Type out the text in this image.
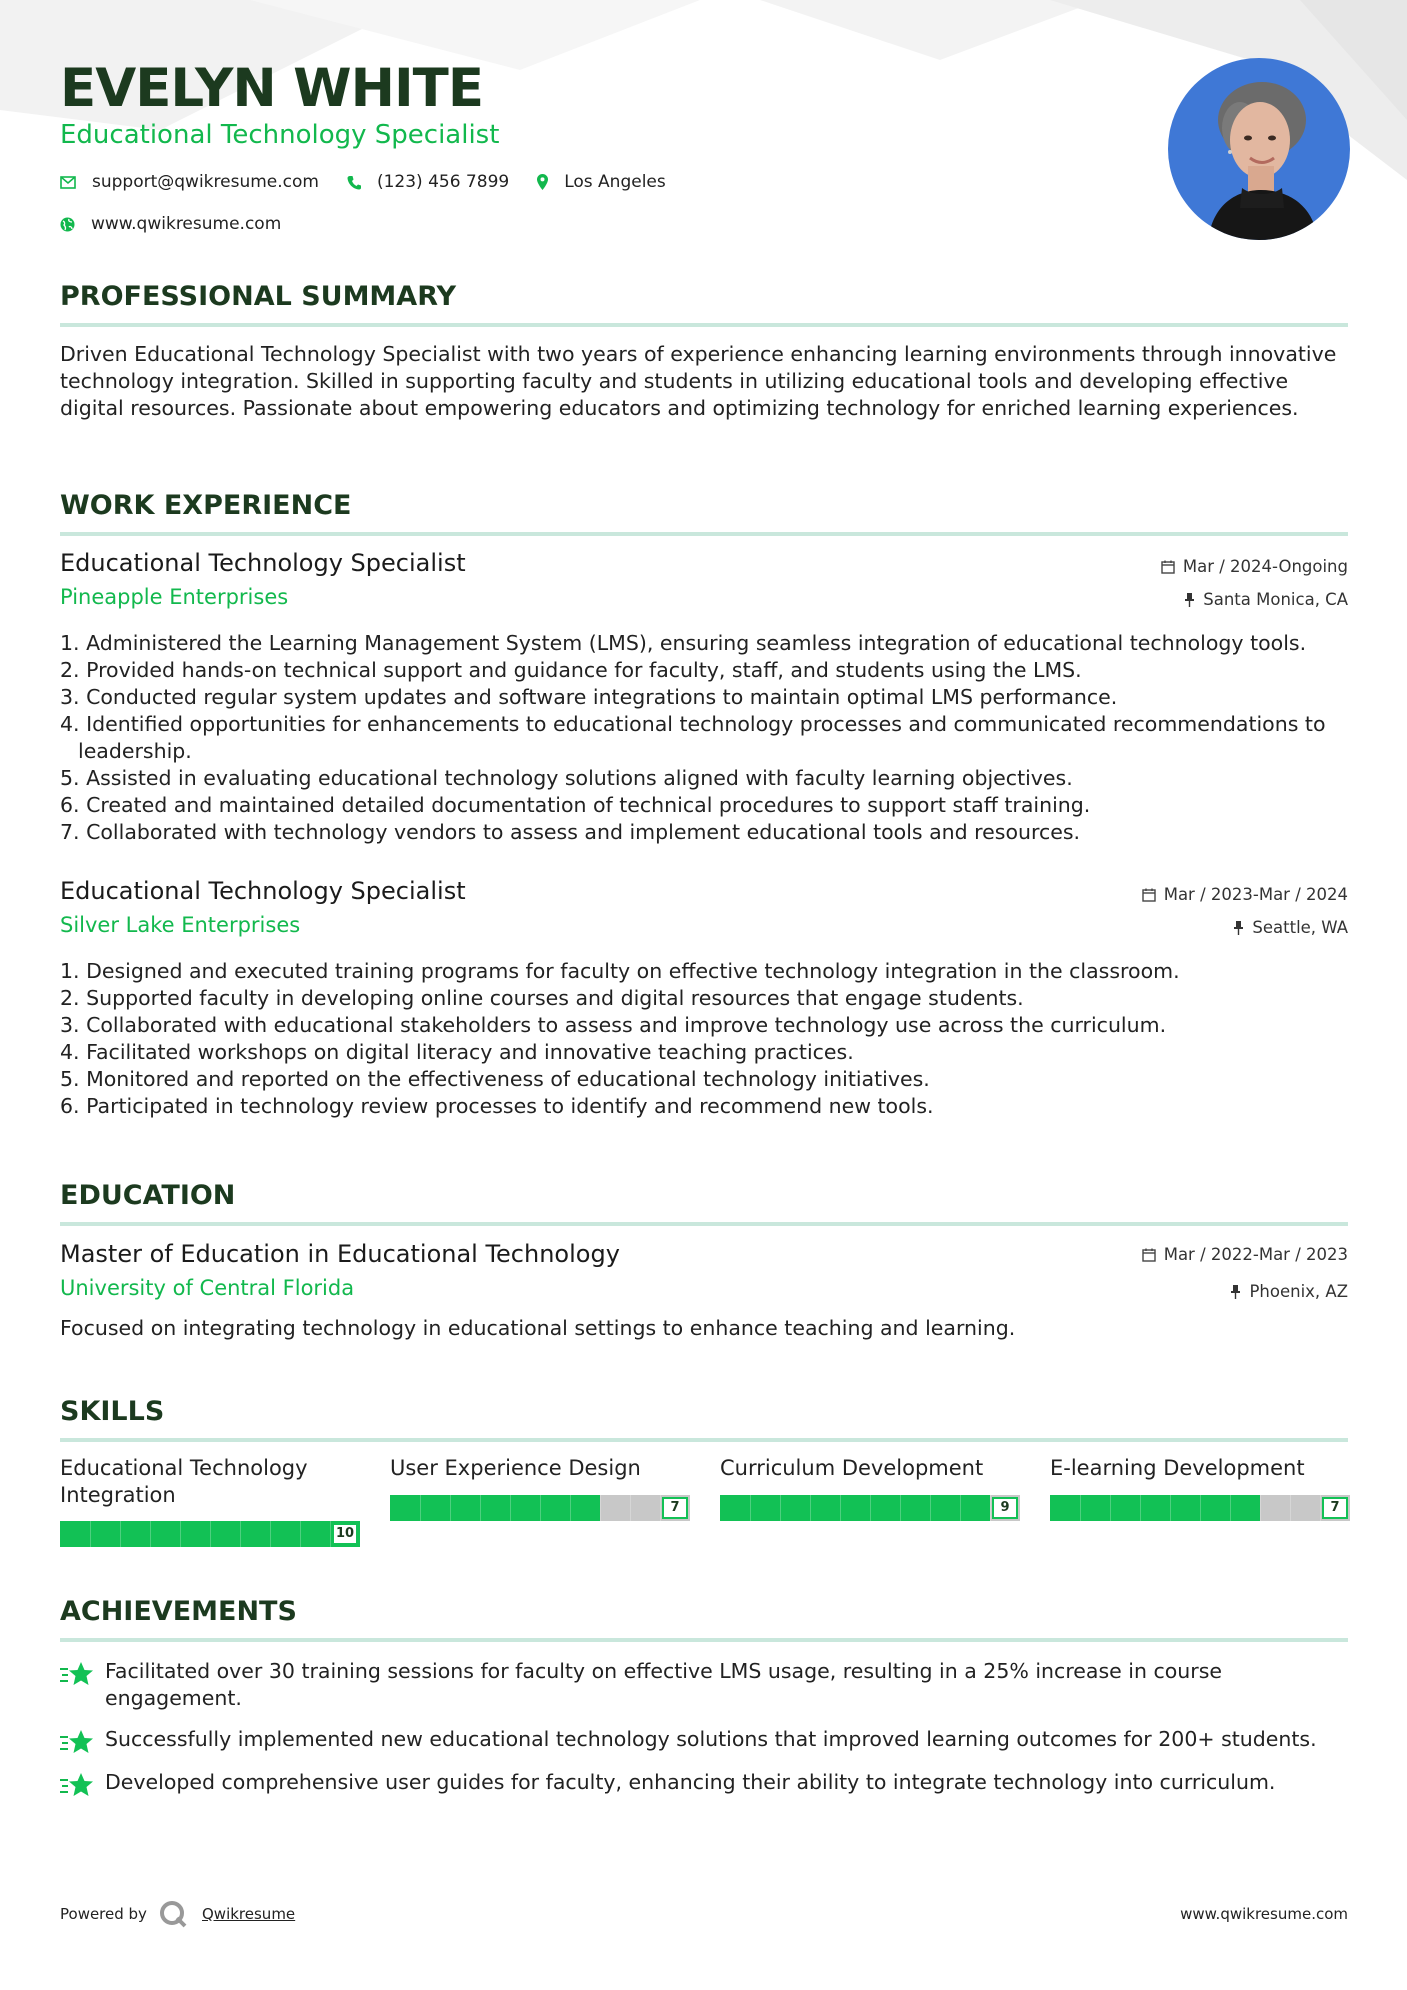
EVELYN WHITE
Educational Technology Specialist
support@qwikresume.com	(123) 456 7899	Los Angeles
www.qwikresume.com
PROFESSIONAL SUMMARY
Driven Educational Technology Specialist with two years of experience enhancing learning environments through innovative technology integration. Skilled in supporting faculty and students in utilizing educational tools and developing effective digital resources. Passionate about empowering educators and optimizing technology for enriched learning experiences.
WORK EXPERIENCE
Educational Technology Specialist
Pineapple Enterprises
Mar / 2024-Ongoing
Santa Monica, CA
1. Administered the Learning Management System (LMS), ensuring seamless integration of educational technology tools.
2. Provided hands-on technical support and guidance for faculty, staff, and students using the LMS.
3. Conducted regular system updates and software integrations to maintain optimal LMS performance.
4. Identified opportunities for enhancements to educational technology processes and communicated recommendations to leadership.
5. Assisted in evaluating educational technology solutions aligned with faculty learning objectives.
6. Created and maintained detailed documentation of technical procedures to support staff training.
7. Collaborated with technology vendors to assess and implement educational tools and resources.
Educational Technology Specialist
Silver Lake Enterprises
Mar / 2023-Mar / 2024
Seattle, WA
1. Designed and executed training programs for faculty on effective technology integration in the classroom.
2. Supported faculty in developing online courses and digital resources that engage students.
3. Collaborated with educational stakeholders to assess and improve technology use across the curriculum.
4. Facilitated workshops on digital literacy and innovative teaching practices.
5. Monitored and reported on the effectiveness of educational technology initiatives.
6. Participated in technology review processes to identify and recommend new tools.
EDUCATION
Master of Education in Educational Technology
University of Central Florida
Mar / 2022-Mar / 2023
Phoenix, AZ
Focused on integrating technology in educational settings to enhance teaching and learning.
SKILLS
Educational Technology Integration
10
User Experience Design
7
Curriculum Development
9
E-learning Development
7
ACHIEVEMENTS
Facilitated over 30 training sessions for faculty on effective LMS usage, resulting in a 25% increase in course engagement.
Successfully implemented new educational technology solutions that improved learning outcomes for 200+ students.
Developed comprehensive user guides for faculty, enhancing their ability to integrate technology into curriculum.
Powered by	Qwikresume	www.qwikresume.com
